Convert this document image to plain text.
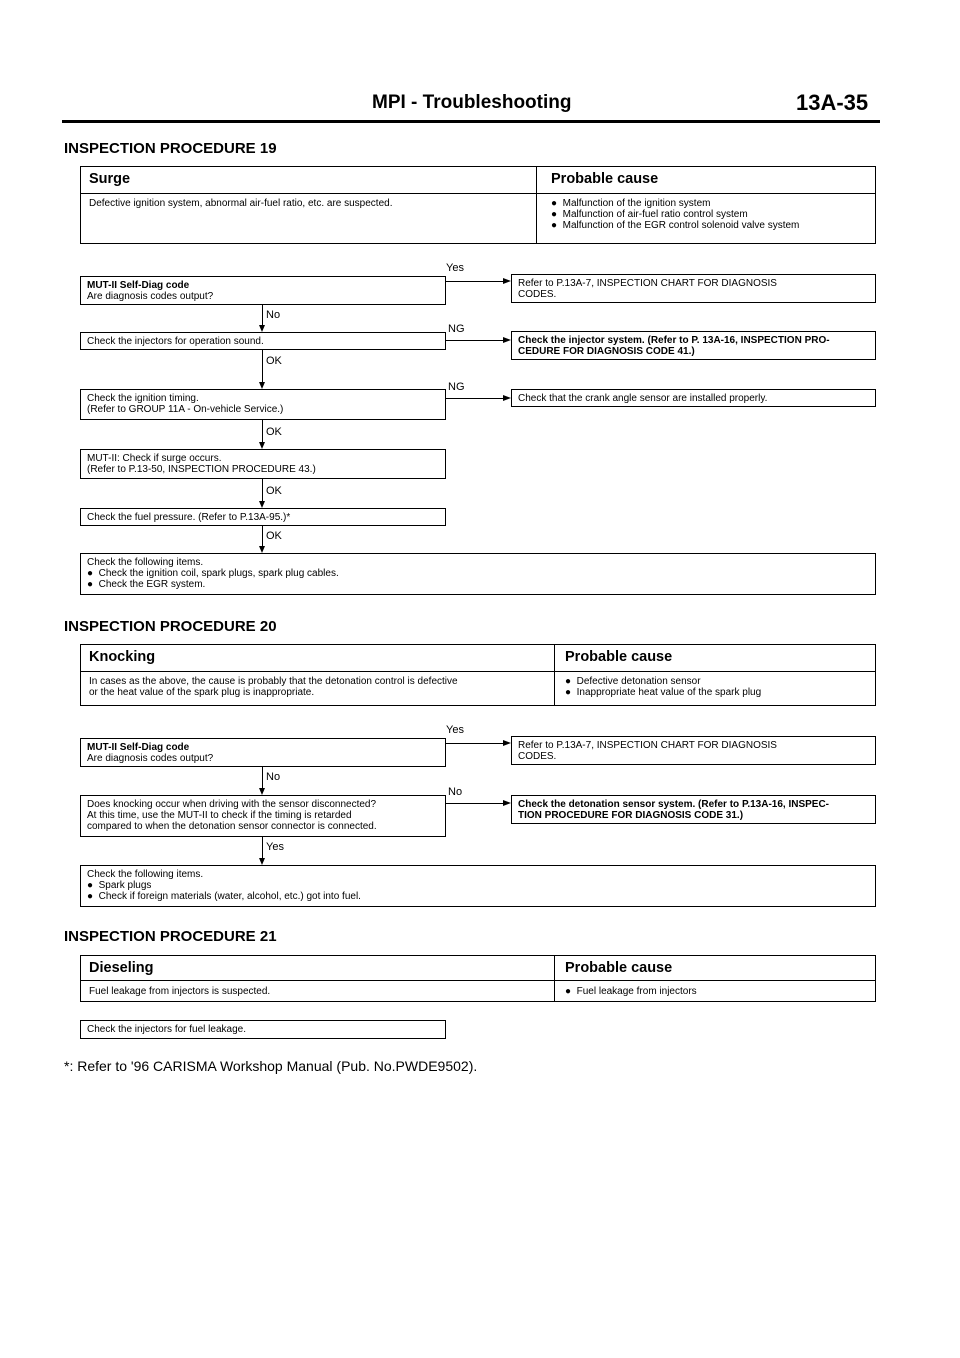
MPI - Troubleshooting	13A-35
INSPECTION PROCEDURE 19
Surge	Probable cause
Defective ignition system, abnormal air-fuel ratio, etc. are suspected.	● Malfunction of the ignition system
● Malfunction of air-fuel ratio control system
● Malfunction of the EGR control solenoid valve system
MUT-II Self-Diag code
Are diagnosis codes output?
Yes
Refer to P.13A-7, INSPECTION CHART FOR DIAGNOSIS
CODES.
No
Check the injectors for operation sound.
NG
Check the injector system. (Refer to P. 13A-16, INSPECTION PRO-
CEDURE FOR DIAGNOSIS CODE 41.)
OK
Check the ignition timing.
(Refer to GROUP 11A - On-vehicle Service.)
NG
Check that the crank angle sensor are installed properly.
OK
MUT-II: Check if surge occurs.
(Refer to P.13-50, INSPECTION PROCEDURE 43.)
OK
Check the fuel pressure. (Refer to P.13A-95.)*
OK
Check the following items.
● Check the ignition coil, spark plugs, spark plug cables.
● Check the EGR system.
INSPECTION PROCEDURE 20
Knocking	Probable cause
In cases as the above, the cause is probably that the detonation control is defective
or the heat value of the spark plug is inappropriate.
● Defective detonation sensor
● Inappropriate heat value of the spark plug
MUT-II Self-Diag code
Are diagnosis codes output?
Yes
Refer to P.13A-7, INSPECTION CHART FOR DIAGNOSIS
CODES.
No
Does knocking occur when driving with the sensor disconnected?
At this time, use the MUT-II to check if the timing is retarded
compared to when the detonation sensor connector is connected.
No
Check the detonation sensor system. (Refer to P.13A-16, INSPEC-
TION PROCEDURE FOR DIAGNOSIS CODE 31.)
Yes
Check the following items.
● Spark plugs
● Check if foreign materials (water, alcohol, etc.) got into fuel.
INSPECTION PROCEDURE 21
Dieseling	Probable cause
Fuel leakage from injectors is suspected.	● Fuel leakage from injectors
Check the injectors for fuel leakage.
*: Refer to '96 CARISMA Workshop Manual (Pub. No.PWDE9502).
